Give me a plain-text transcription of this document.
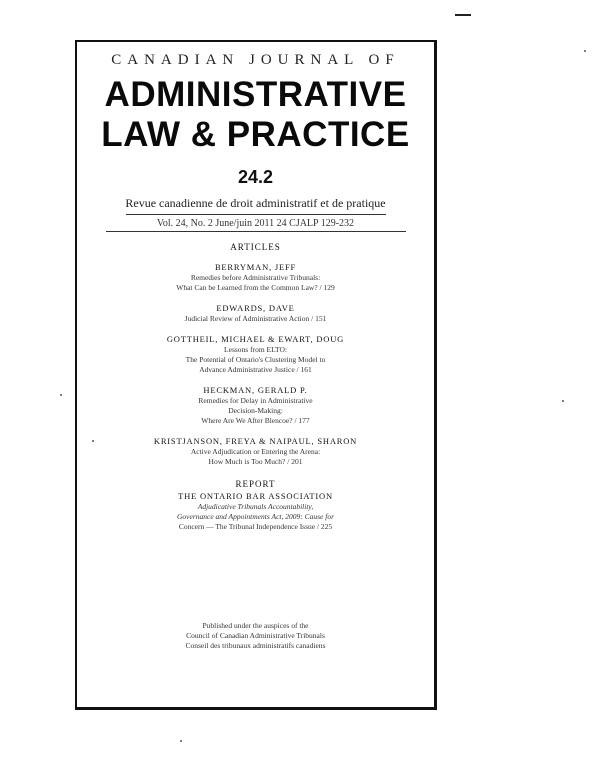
CANADIAN JOURNAL OF
ADMINISTRATIVE
LAW & PRACTICE
24.2
Revue canadienne de droit administratif et de pratique
Vol. 24, No. 2 June/juin 2011 24 CJALP 129-232
ARTICLES
BERRYMAN, JEFF
Remedies before Administrative Tribunals:
What Can be Learned from the Common Law? / 129
EDWARDS, DAVE
Judicial Review of Administrative Action / 151
GOTTHEIL, MICHAEL & EWART, DOUG
Lessons from ELTO:
The Potential of Ontario's Clustering Model to
Advance Administrative Justice / 161
HECKMAN, GERALD P.
Remedies for Delay in Administrative
Decision-Making:
Where Are We After Blencoe? / 177
KRISTJANSON, FREYA & NAIPAUL, SHARON
Active Adjudication or Entering the Arena:
How Much is Too Much? / 201
REPORT
THE ONTARIO BAR ASSOCIATION
Adjudicative Tribunals Accountability,
Governance and Appointments Act, 2009: Cause for
Concern — The Tribunal Independence Issue / 225
Published under the auspices of the
Council of Canadian Administrative Tribunals
Conseil des tribunaux administratifs canadiens
